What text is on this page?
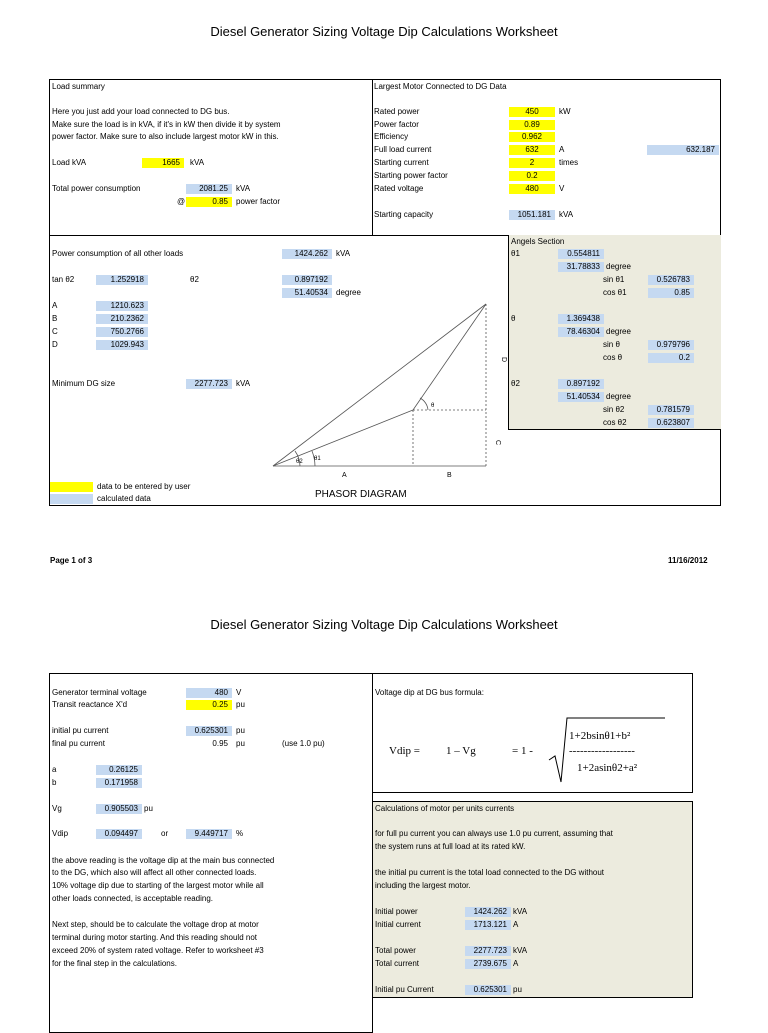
Diesel Generator Sizing Voltage Dip Calculations Worksheet
Load summary
Here you just add your load connected to DG bus.
Make sure the load is in kVA, if it's in kW then divide it by system
power factor. Make sure to also include largest motor kW in this.
Load kVA	1665	kVA
Total power consumption	2081.25	kVA
@	0.85	power factor
Largest Motor Connected to DG Data
Rated power	450	kW
Power factor	0.89
Efficiency	0.962
Full load current	632	A	632.187
Starting current	2	times
Starting power factor	0.2
Rated voltage	480	V
Starting capacity	1051.181	kVA
Power consumption of all other loads	1424.262	kVA
tan θ2	1.252918	θ2	0.897192
51.40534	degree
A	1210.623
B	210.2362
C	750.2766
D	1029.943
Minimum DG size	2277.723	kVA
data to be entered by user
calculated data
θ2 θ1
θ
A	B
C
D
PHASOR DIAGRAM
Angels Section
θ1	0.554811
31.78833 degree
sin θ1	0.526783
cos θ1	0.85
θ	1.369438
78.46304 degree
sin θ	0.979796
cos θ	0.2
θ2	0.897192
51.40534 degree
sin θ2	0.781579
cos θ2	0.623807
Page 1 of 3	11/16/2012
Diesel Generator Sizing Voltage Dip Calculations Worksheet
Generator terminal voltage	480	V
Transit reactance X'd	0.25	pu
initial pu current	0.625301	pu
final pu current	0.95	pu	(use 1.0 pu)
a	0.26125
b	0.171958
Vg	0.905503 pu
Vdip	0.094497	or	9.449717	%
the above reading is the voltage dip at the main bus connected
to the DG, which also will affect all other connected loads.
10% voltage dip due to starting of the largest motor while all
other loads connected, is acceptable reading.
Next step, should be to calculate the voltage drop at motor
terminal during motor starting. And this reading should not
exceed 20% of system rated voltage. Refer to worksheet #3
for the final step in the calculations.
Voltage dip at DG bus formula:
Vdip = 1 – Vg	= 1 -
1+2bsinθ1+b²
------------------
1+2asinθ2+a²
Calculations of motor per units currents
for full pu current you can always use 1.0 pu current, assuming that
the system runs at full load at its rated kW.
the initial pu current is the total load connected to the DG without
including the largest motor.
Initial power	1424.262 kVA
Initial current	1713.121 A
Total power	2277.723 kVA
Total current	2739.675 A
Initial pu Current	0.625301 pu
